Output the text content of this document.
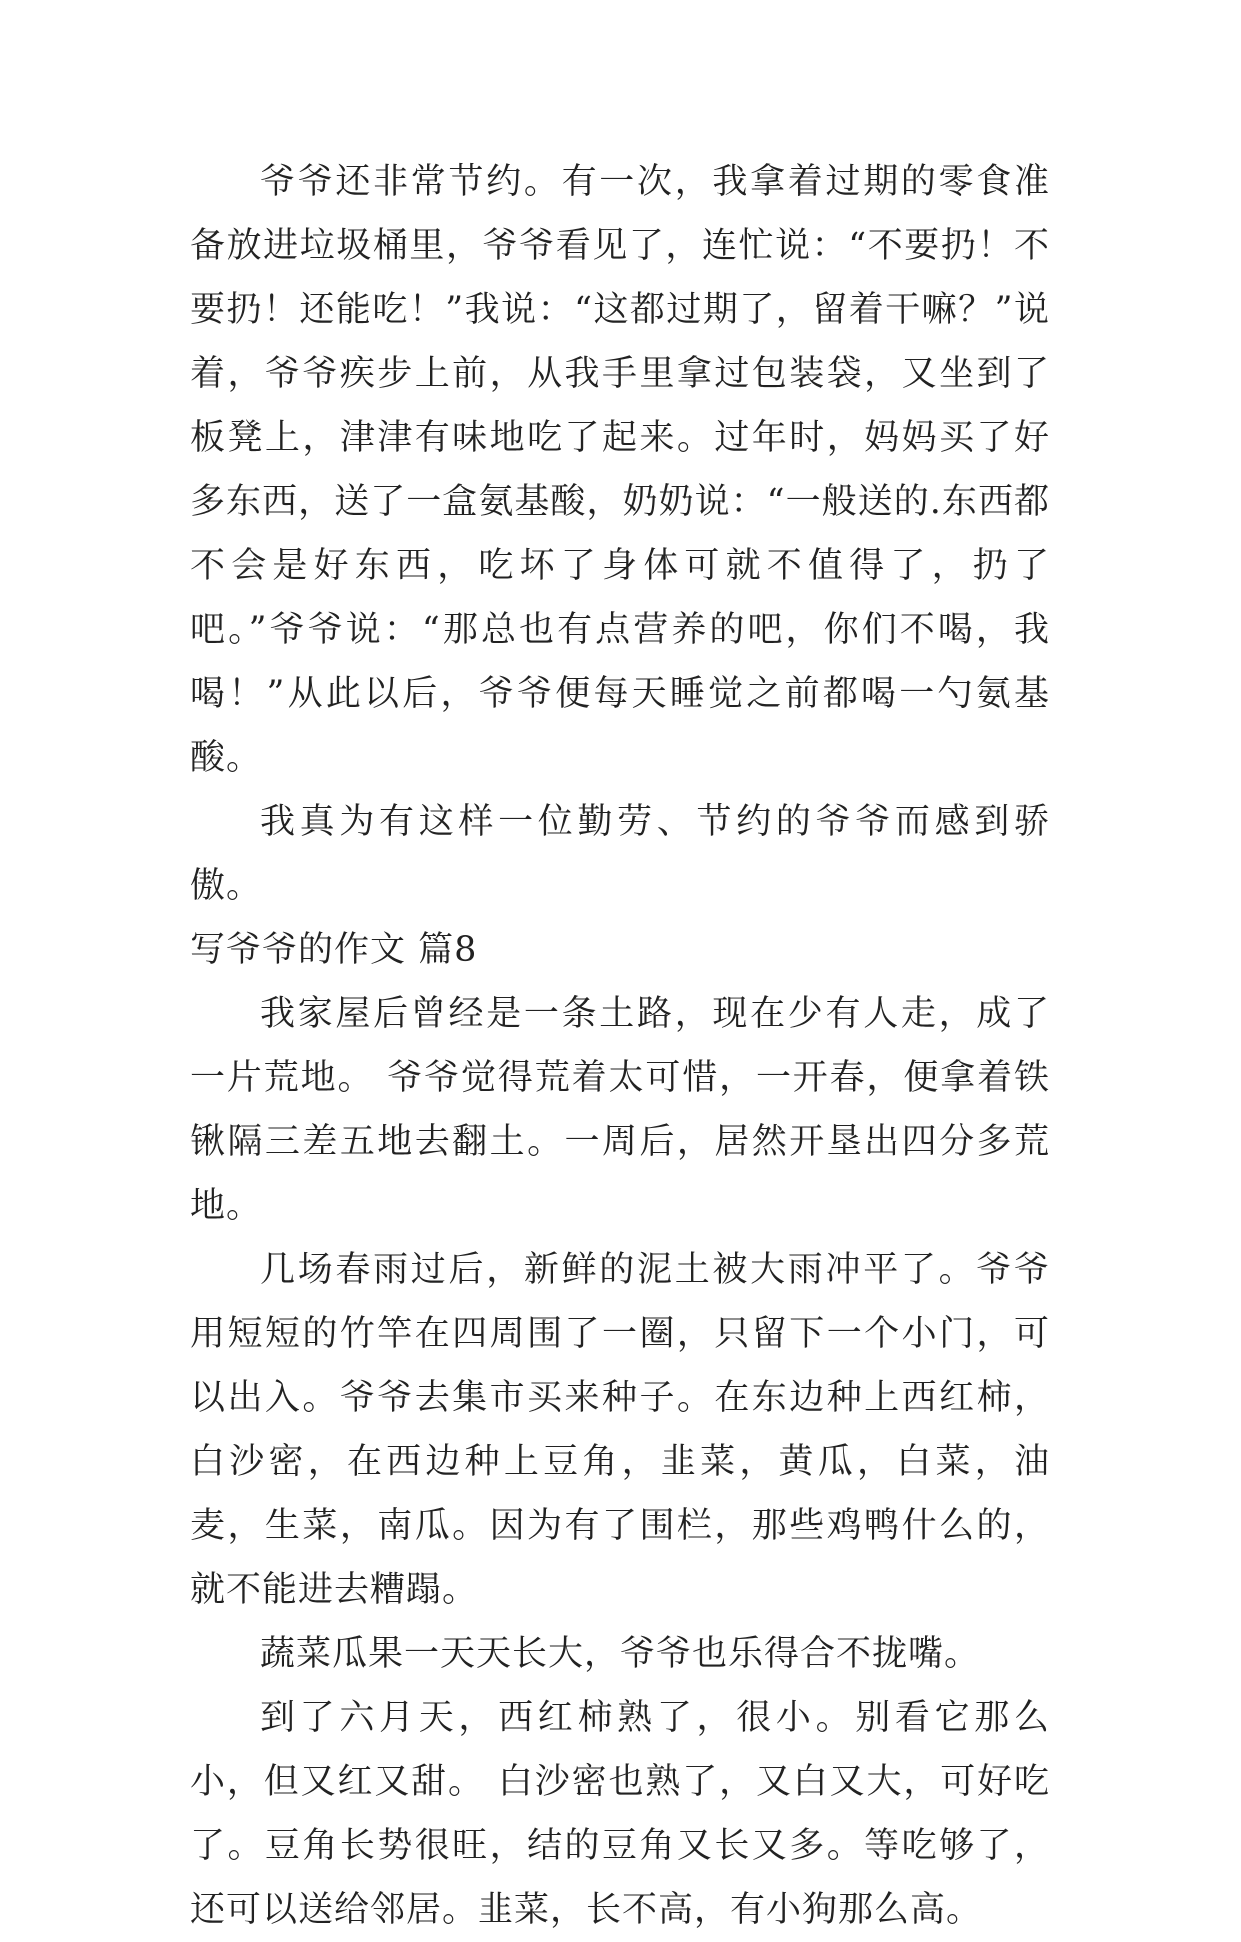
爷爷还非常节约。有一次，我拿着过期的零食准备放进垃圾桶里，爷爷看见了，连忙说：“不要扔！不要扔！还能吃！”我说：“这都过期了，留着干嘛？”说着，爷爷疾步上前，从我手里拿过包装袋，又坐到了板凳上，津津有味地吃了起来。过年时，妈妈买了好多东西，送了一盒氨基酸，奶奶说：“一般送的.东西都不会是好东西，吃坏了身体可就不值得了，扔了吧。”爷爷说：“那总也有点营养的吧，你们不喝，我喝！”从此以后，爷爷便每天睡觉之前都喝一勺氨基酸。

我真为有这样一位勤劳、节约的爷爷而感到骄傲。

写爷爷的作文 篇8

我家屋后曾经是一条土路，现在少有人走，成了一片荒地。 爷爷觉得荒着太可惜，一开春，便拿着铁锹隔三差五地去翻土。一周后，居然开垦出四分多荒地。

几场春雨过后，新鲜的泥土被大雨冲平了。爷爷用短短的竹竿在四周围了一圈，只留下一个小门，可以出入。爷爷去集市买来种子。在东边种上西红柿，白沙密，在西边种上豆角，韭菜，黄瓜，白菜，油麦，生菜，南瓜。因为有了围栏，那些鸡鸭什么的，就不能进去糟蹋。

蔬菜瓜果一天天长大，爷爷也乐得合不拢嘴。

到了六月天，西红柿熟了，很小。别看它那么小，但又红又甜。 白沙密也熟了，又白又大，可好吃了。豆角长势很旺，结的豆角又长又多。等吃够了，还可以送给邻居。韭菜，长不高，有小狗那么高。
